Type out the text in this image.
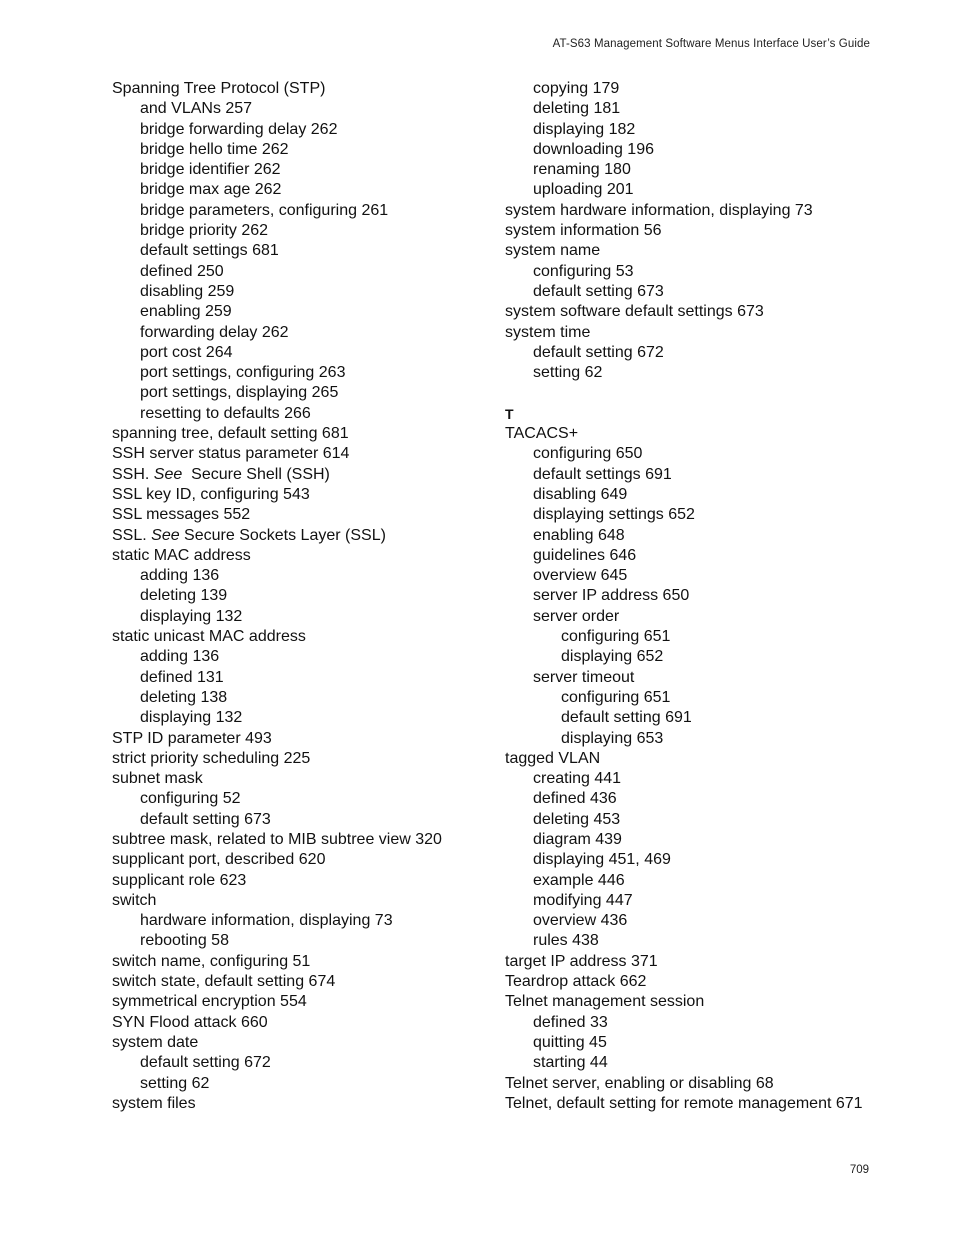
AT-S63 Management Software Menus Interface User’s Guide
Spanning Tree Protocol (STP)
and VLANs 257
bridge forwarding delay 262
bridge hello time 262
bridge identifier 262
bridge max age 262
bridge parameters, configuring 261
bridge priority 262
default settings 681
defined 250
disabling 259
enabling 259
forwarding delay 262
port cost 264
port settings, configuring 263
port settings, displaying 265
resetting to defaults 266
spanning tree, default setting 681
SSH server status parameter 614
SSH. See  Secure Shell (SSH)
SSL key ID, configuring 543
SSL messages 552
SSL. See Secure Sockets Layer (SSL)
static MAC address
adding 136
deleting 139
displaying 132
static unicast MAC address
adding 136
defined 131
deleting 138
displaying 132
STP ID parameter 493
strict priority scheduling 225
subnet mask
configuring 52
default setting 673
subtree mask, related to MIB subtree view 320
supplicant port, described 620
supplicant role 623
switch
hardware information, displaying 73
rebooting 58
switch name, configuring 51
switch state, default setting 674
symmetrical encryption 554
SYN Flood attack 660
system date
default setting 672
setting 62
system files
copying 179
deleting 181
displaying 182
downloading 196
renaming 180
uploading 201
system hardware information, displaying 73
system information 56
system name
configuring 53
default setting 673
system software default settings 673
system time
default setting 672
setting 62
T
TACACS+
configuring 650
default settings 691
disabling 649
displaying settings 652
enabling 648
guidelines 646
overview 645
server IP address 650
server order
configuring 651
displaying 652
server timeout
configuring 651
default setting 691
displaying 653
tagged VLAN
creating 441
defined 436
deleting 453
diagram 439
displaying 451, 469
example 446
modifying 447
overview 436
rules 438
target IP address 371
Teardrop attack 662
Telnet management session
defined 33
quitting 45
starting 44
Telnet server, enabling or disabling 68
Telnet, default setting for remote management 671
709
